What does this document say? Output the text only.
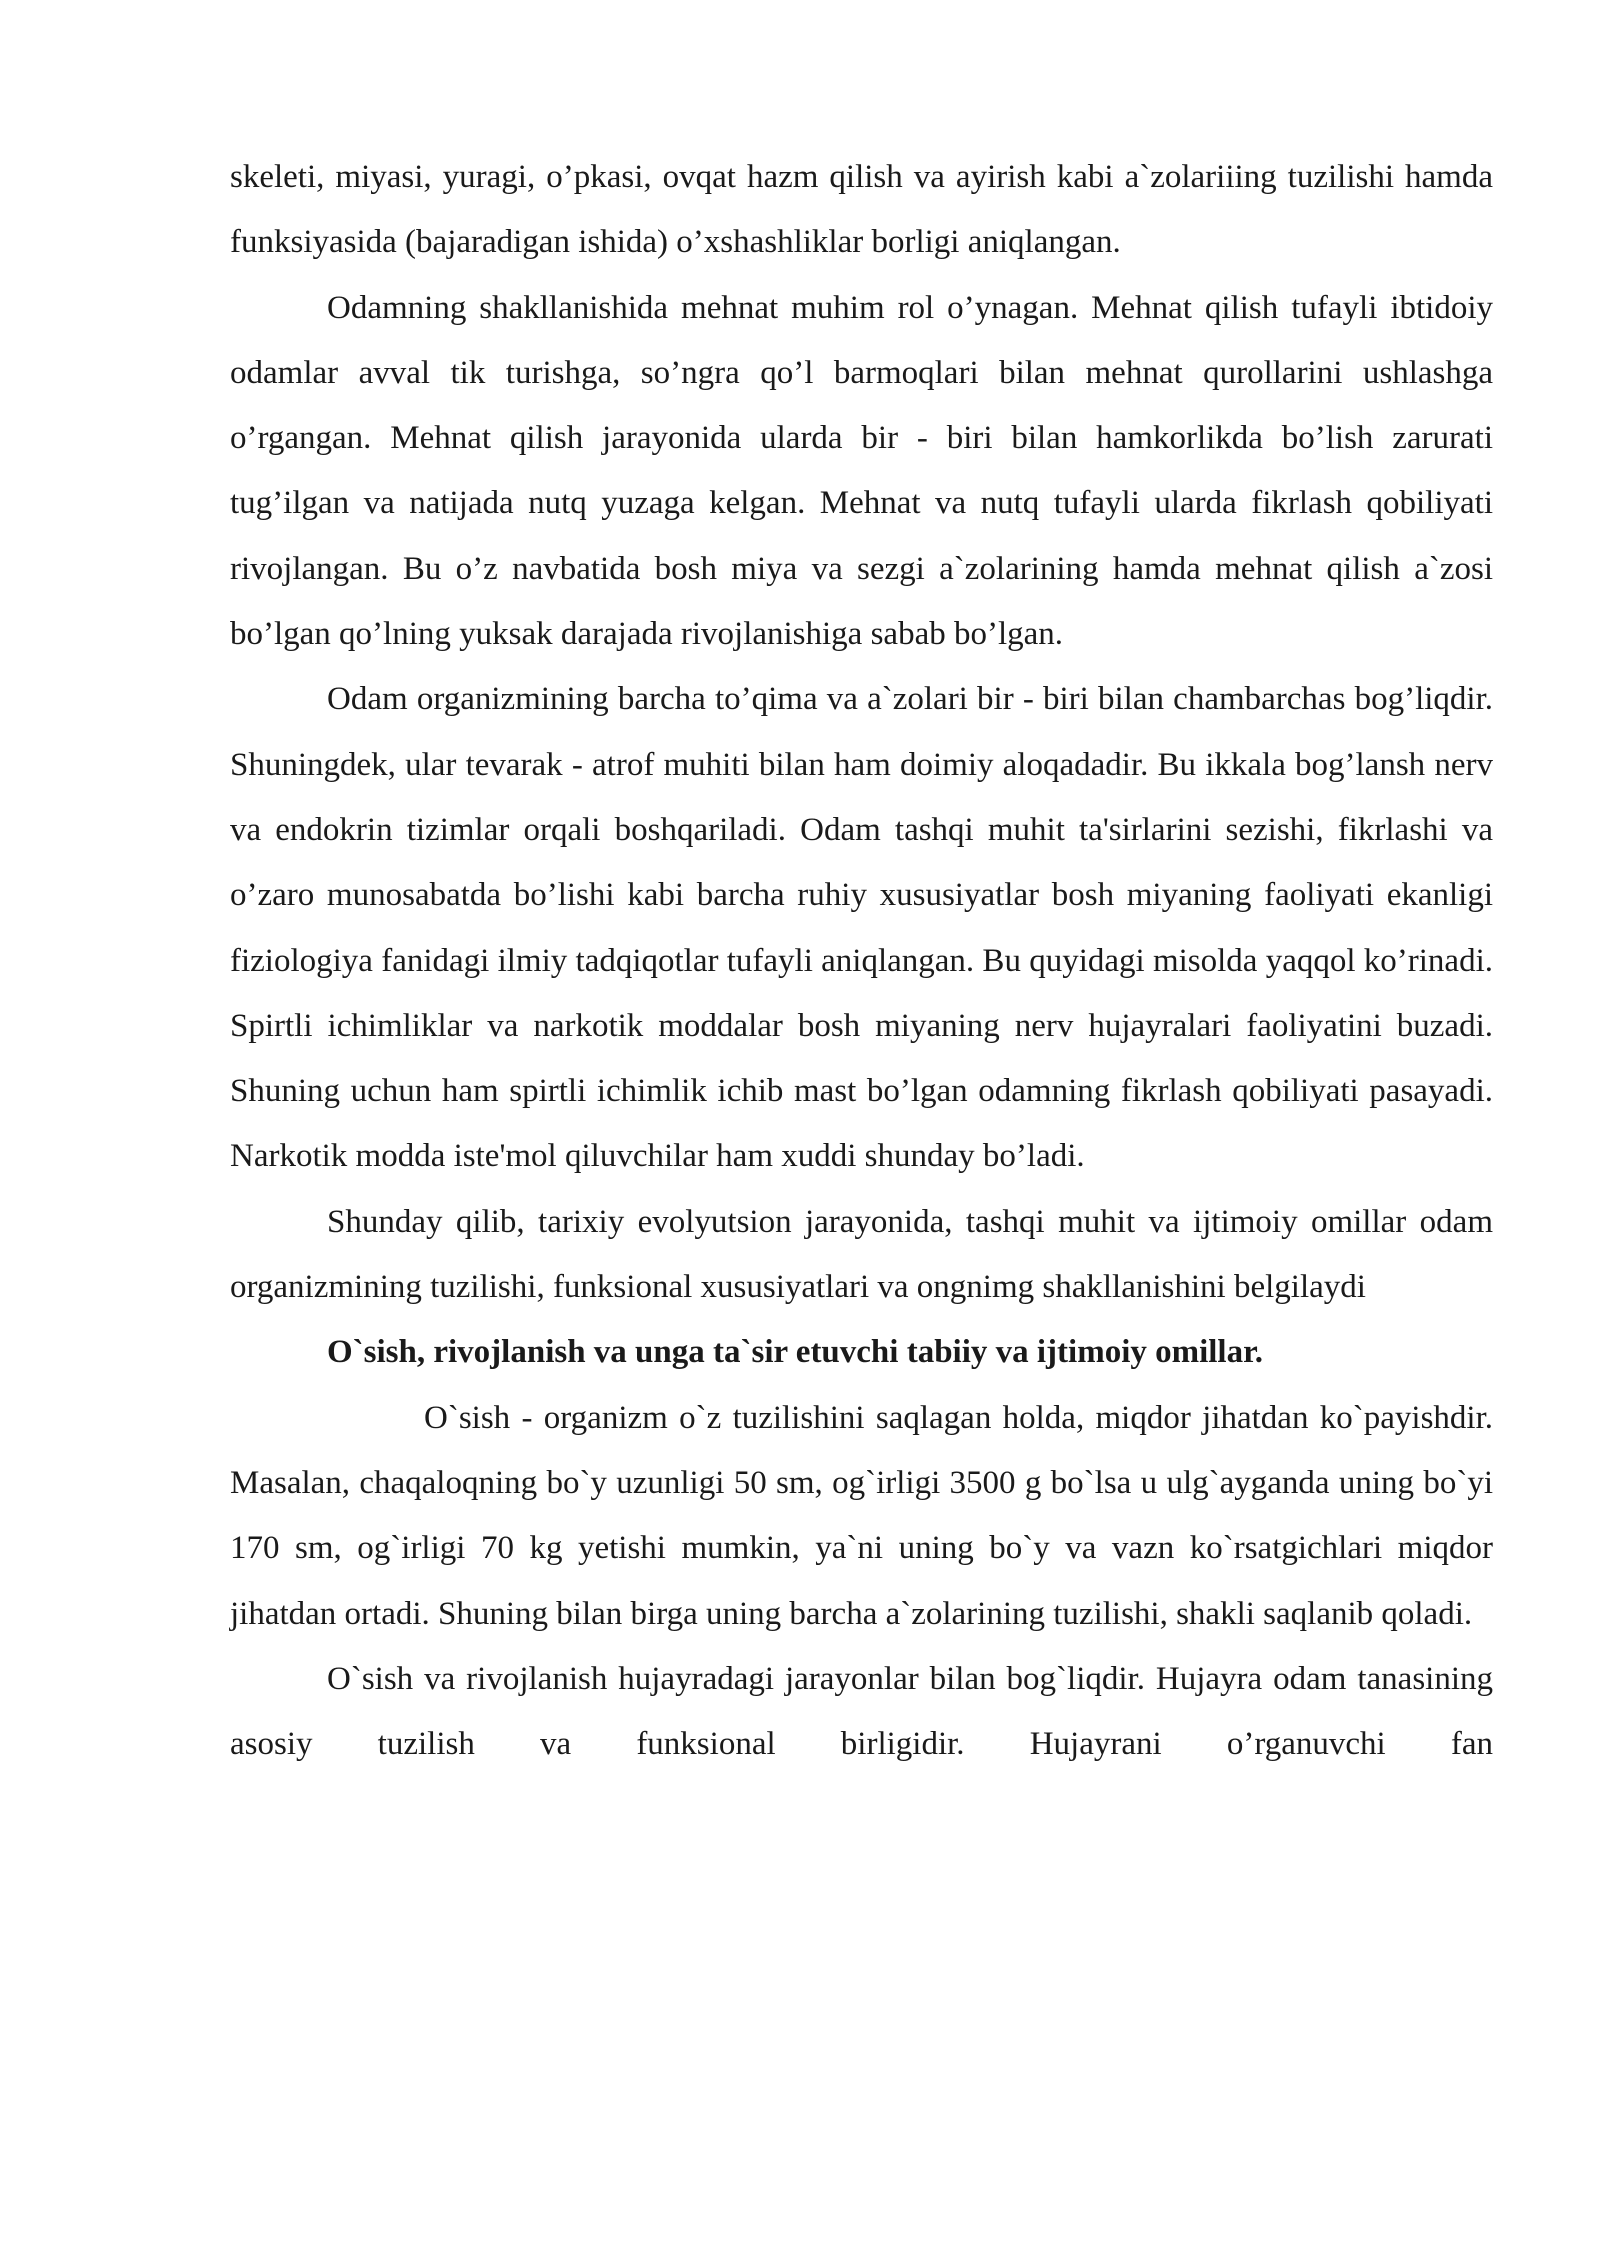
skeleti, miyasi, yuragi, o’pkasi, ovqat hazm qilish va ayirish kabi a`zolariiing tuzilishi hamda funksiyasida (bajaradigan ishida) o’xshashliklar borligi aniqlangan.

Odamning shakllanishida mehnat muhim rol o’ynagan. Mehnat qilish tufayli ibtidoiy odamlar avval tik turishga, so’ngra qo’l barmoqlari bilan mehnat qurollarini ushlashga o’rgangan. Mehnat qilish jarayonida ularda bir - biri bilan hamkorlikda bo’lish zarurati tug’ilgan va natijada nutq yuzaga kelgan. Mehnat va nutq tufayli ularda fikrlash qobiliyati rivojlangan. Bu o’z navbatida bosh miya va sezgi a`zolarining hamda mehnat qilish a`zosi bo’lgan qo’lning yuksak darajada rivojlanishiga sabab bo’lgan.

Odam organizmining barcha to’qima va a`zolari bir - biri bilan chambarchas bog’liqdir. Shuningdek, ular tevarak - atrof muhiti bilan ham doimiy aloqadadir. Bu ikkala bog’lansh nerv va endokrin tizimlar orqali boshqariladi. Odam tashqi muhit ta'sirlarini sezishi, fikrlashi va o’zaro munosabatda bo’lishi kabi barcha ruhiy xususiyatlar bosh miyaning faoliyati ekanligi fiziologiya fanidagi ilmiy tadqiqotlar tufayli aniqlangan. Bu quyidagi misolda yaqqol ko’rinadi. Spirtli ichimliklar va narkotik moddalar bosh miyaning nerv hujayralari faoliyatini buzadi. Shuning uchun ham spirtli ichimlik ichib mast bo’lgan odamning fikrlash qobiliyati pasayadi. Narkotik modda iste'mol qiluvchilar ham xuddi shunday bo’ladi.

Shunday qilib, tarixiy evolyutsion jarayonida, tashqi muhit va ijtimoiy omillar odam organizmining tuzilishi, funksional xususiyatlari va ongnimg shakllanishini belgilaydi

O`sish, rivojlanish va unga ta`sir etuvchi tabiiy va ijtimoiy omillar.

O`sish - organizm o`z tuzilishini saqlagan holda, miqdor jihatdan ko`payishdir. Masalan, chaqaloqning bo`y uzunligi 50 sm, og`irligi 3500 g bo`lsa u ulg`ayganda uning bo`yi 170 sm, og`irligi 70 kg yetishi mumkin, ya`ni uning bo`y va vazn ko`rsatgichlari miqdor jihatdan ortadi. Shuning bilan birga uning barcha a`zolarining tuzilishi, shakli saqlanib qoladi.

O`sish va rivojlanish hujayradagi jarayonlar bilan bog`liqdir. Hujayra odam tanasining asosiy tuzilish va funksional birligidir. Hujayrani o’rganuvchi fan
